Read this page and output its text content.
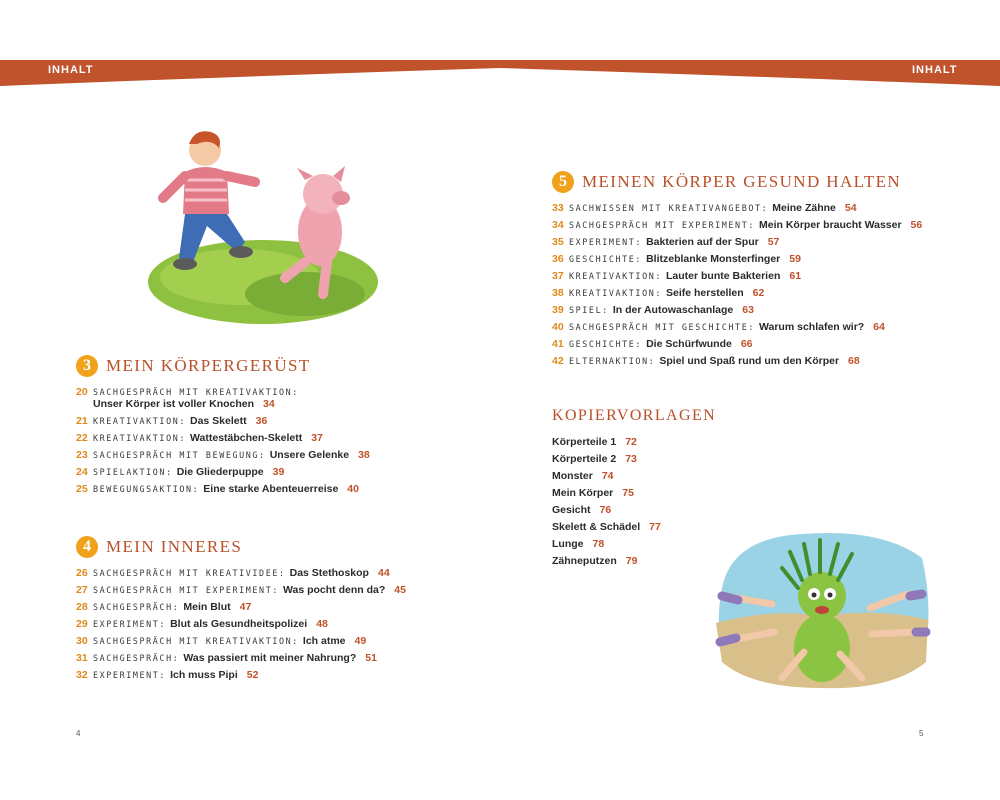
INHALT	INHALT
3 MEIN KÖRPERGERÜST
20 SACHGESPRÄCH MIT KREATIVAKTION:
Unser Körper ist voller Knochen 34
21 KREATIVAKTION: Das Skelett 36
22 KREATIVAKTION: Wattestäbchen-Skelett 37
23 SACHGESPRÄCH MIT BEWEGUNG: Unsere Gelenke 38
24 SPIELAKTION: Die Gliederpuppe 39
25 BEWEGUNGSAKTION: Eine starke Abenteuerreise 40
4 MEIN INNERES
26 SACHGESPRÄCH MIT KREATIVIDEE: Das Stethoskop 44
27 SACHGESPRÄCH MIT EXPERIMENT: Was pocht denn da? 45
28 SACHGESPRÄCH: Mein Blut 47
29 EXPERIMENT: Blut als Gesundheitspolizei 48
30 SACHGESPRÄCH MIT KREATIVAKTION: Ich atme 49
31 SACHGESPRÄCH: Was passiert mit meiner Nahrung? 51
32 EXPERIMENT: Ich muss Pipi 52
5 MEINEN KÖRPER GESUND HALTEN
33 SACHWISSEN MIT KREATIVANGEBOT: Meine Zähne 54
34 SACHGESPRÄCH MIT EXPERIMENT: Mein Körper braucht Wasser 56
35 EXPERIMENT: Bakterien auf der Spur 57
36 GESCHICHTE: Blitzeblanke Monsterfinger 59
37 KREATIVAKTION: Lauter bunte Bakterien 61
38 KREATIVAKTION: Seife herstellen 62
39 SPIEL: In der Autowaschanlage 63
40 SACHGESPRÄCH MIT GESCHICHTE: Warum schlafen wir? 64
41 GESCHICHTE: Die Schürfwunde 66
42 ELTERNAKTION: Spiel und Spaß rund um den Körper 68
KOPIERVORLAGEN
Körperteile 1 72
Körperteile 2 73
Monster 74
Mein Körper 75
Gesicht 76
Skelett & Schädel 77
Lunge 78
Zähneputzen 79
4	5
